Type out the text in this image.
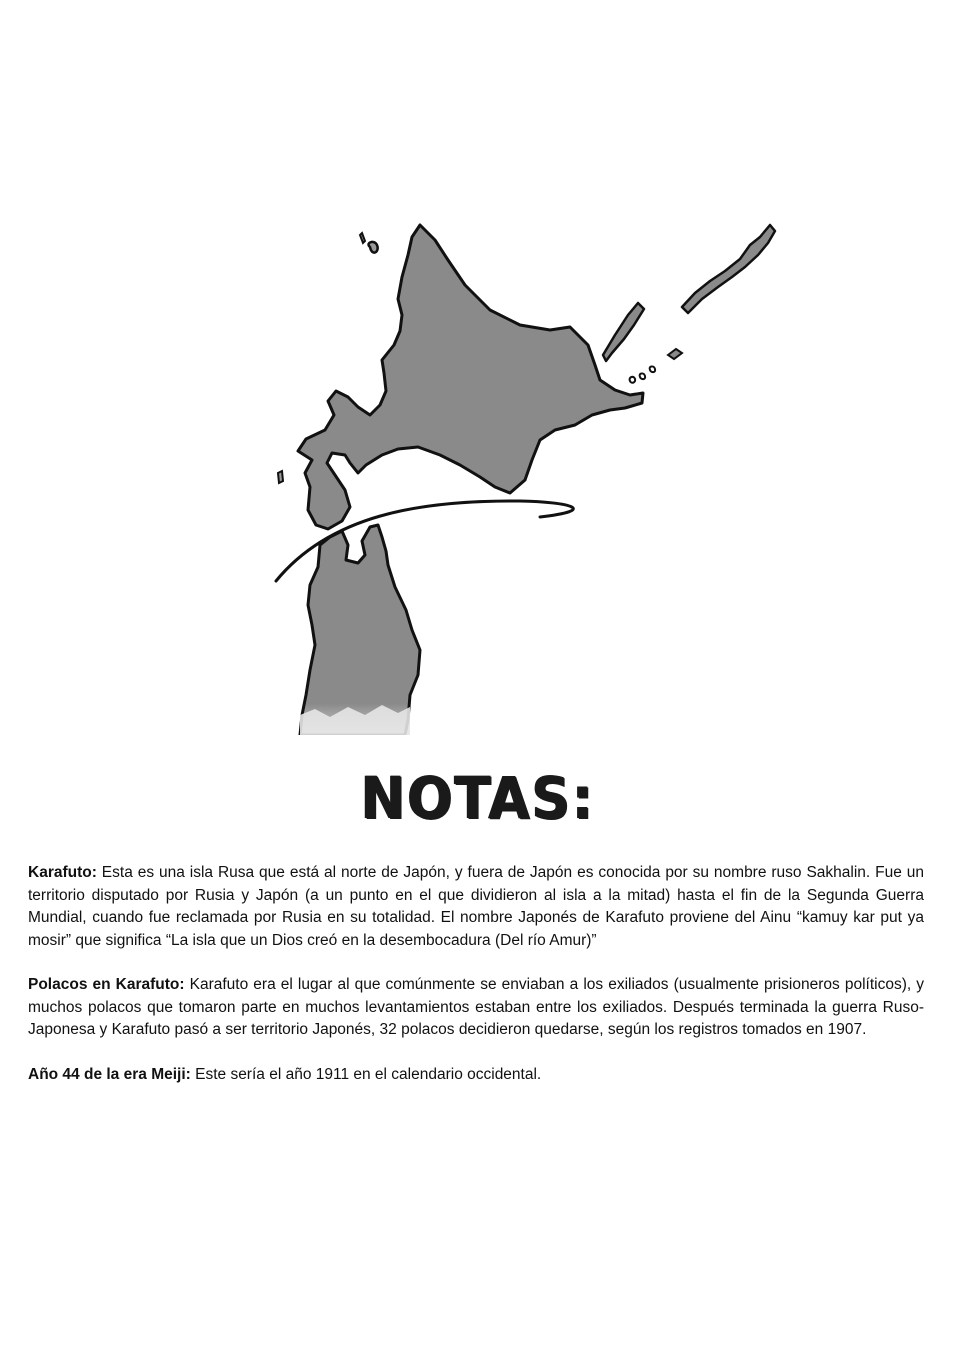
NOTAS:

Karafuto: Esta es una isla Rusa que está al norte de Japón, y fuera de Japón es conocida por su nombre ruso Sakhalin. Fue un territorio disputado por Rusia y Japón (a un punto en el que dividieron al isla a la mitad) hasta el fin de la Segunda Guerra Mundial, cuando fue reclamada por Rusia en su totalidad. El nombre Japonés de Karafuto proviene del Ainu “kamuy kar put ya mosir” que significa “La isla que un Dios creó en la desembocadura (Del río Amur)”

Polacos en Karafuto: Karafuto era el lugar al que comúnmente se enviaban a los exiliados (usualmente prisioneros políticos), y muchos polacos que tomaron parte en muchos levantamientos estaban entre los exiliados. Después terminada la guerra Ruso-Japonesa y Karafuto pasó a ser territorio Japonés, 32 polacos decidieron quedarse, según los registros tomados en 1907.

Año 44 de la era Meiji: Este sería el año 1911 en el calendario occidental.
